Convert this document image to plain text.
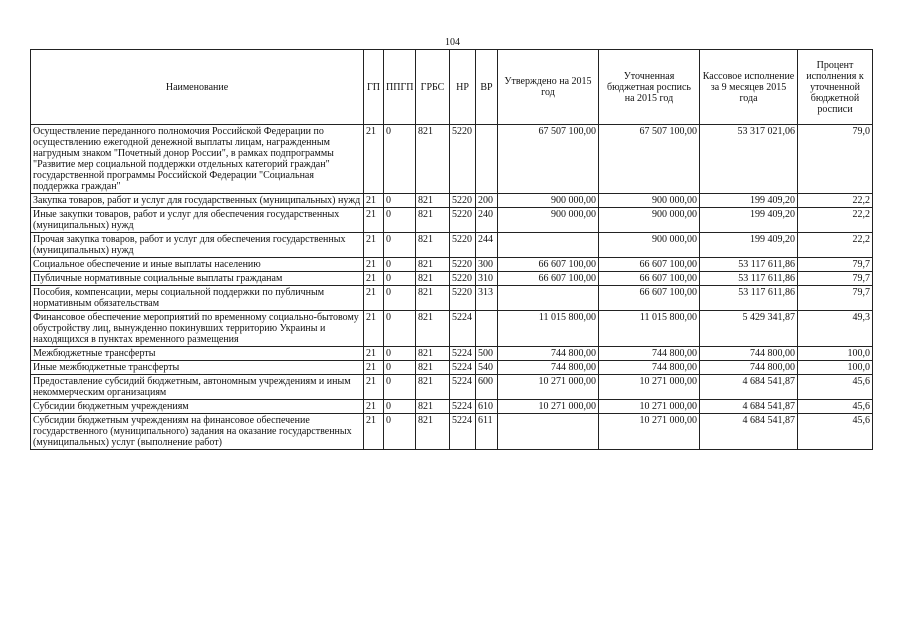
104
Наименование	ГП	ППГП	ГРБС	НР	ВР	Утверждено на 2015 год	Уточненная бюджетная роспись на 2015 год	Кассовое исполнение за 9 месяцев 2015 года	Процент исполнения к уточненной бюджетной росписи
Осуществление переданного полномочия Российской Федерации по осуществлению ежегодной денежной выплаты лицам, награжденным нагрудным знаком "Почетный донор России", в рамках подпрограммы "Развитие мер социальной поддержки отдельных категорий граждан" государственной программы Российской Федерации "Социальная поддержка граждан"	21	0	821	5220		67 507 100,00	67 507 100,00	53 317 021,06	79,0
Закупка товаров, работ и услуг для государственных (муниципальных) нужд	21	0	821	5220	200	900 000,00	900 000,00	199 409,20	22,2
Иные закупки товаров, работ и услуг для обеспечения государственных (муниципальных) нужд	21	0	821	5220	240	900 000,00	900 000,00	199 409,20	22,2
Прочая закупка товаров, работ и услуг для обеспечения государственных (муниципальных) нужд	21	0	821	5220	244		900 000,00	199 409,20	22,2
Социальное обеспечение и иные выплаты населению	21	0	821	5220	300	66 607 100,00	66 607 100,00	53 117 611,86	79,7
Публичные нормативные социальные выплаты гражданам	21	0	821	5220	310	66 607 100,00	66 607 100,00	53 117 611,86	79,7
Пособия, компенсации, меры социальной поддержки по публичным нормативным обязательствам	21	0	821	5220	313		66 607 100,00	53 117 611,86	79,7
Финансовое обеспечение мероприятий по временному социально-бытовому обустройству лиц, вынужденно покинувших территорию Украины и находящихся в пунктах временного размещения	21	0	821	5224		11 015 800,00	11 015 800,00	5 429 341,87	49,3
Межбюджетные трансферты	21	0	821	5224	500	744 800,00	744 800,00	744 800,00	100,0
Иные межбюджетные трансферты	21	0	821	5224	540	744 800,00	744 800,00	744 800,00	100,0
Предоставление субсидий бюджетным, автономным учреждениям и иным некоммерческим организациям	21	0	821	5224	600	10 271 000,00	10 271 000,00	4 684 541,87	45,6
Субсидии бюджетным учреждениям	21	0	821	5224	610	10 271 000,00	10 271 000,00	4 684 541,87	45,6
Субсидии бюджетным учреждениям на финансовое обеспечение государственного (муниципального) задания на оказание государственных (муниципальных) услуг (выполнение работ)	21	0	821	5224	611		10 271 000,00	4 684 541,87	45,6
